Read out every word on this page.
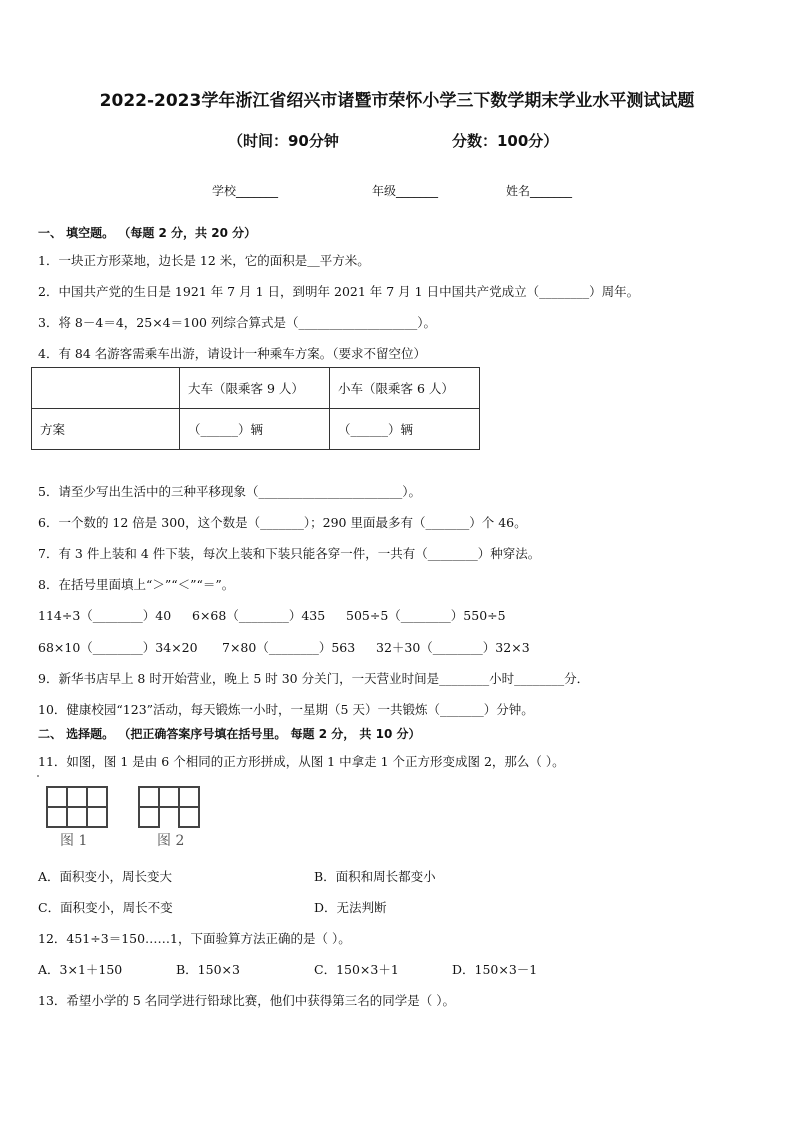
2022-2023学年浙江省绍兴市诸暨市荣怀小学三下数学期末学业水平测试试题
（时间：90分钟	分数：100分）
学校_______	年级_______	姓名_______
一、 填空题。 （每题 2 分，共 20 分）
1．一块正方形菜地，边长是 12 米，它的面积是＿平方米。
2．中国共产党的生日是 1921 年 7 月 1 日，到明年 2021 年 7 月 1 日中国共产党成立（________）周年。
3．将 8－4＝4，25×4＝100 列综合算式是（___________________）。
4．有 84 名游客需乘车出游，请设计一种乘车方案。（要求不留空位）
	大车（限乘客 9 人）	小车（限乘客 6 人）
方案	（______）辆	（______）辆
5．请至少写出生活中的三种平移现象（_______________________）。
6．一个数的 12 倍是 300，这个数是（_______）；290 里面最多有（_______）个 46。
7．有 3 件上装和 4 件下装，每次上装和下装只能各穿一件，一共有（________）种穿法。
8．在括号里面填上“＞”“＜”“＝”。
114÷3（________）40 6×68（________）435 505÷5（________）550÷5
68×10（________）34×20 7×80（________）563 32＋30（________）32×3
9．新华书店早上 8 时开始营业，晚上 5 时 30 分关门，一天营业时间是________小时________分．
10．健康校园“123”活动，每天锻炼一小时，一星期（5 天）一共锻炼（_______）分钟。
二、 选择题。 （把正确答案序号填在括号里。 每题 2 分， 共 10 分）
11．如图，图 1 是由 6 个相同的正方形拼成，从图 1 中拿走 1 个正方形变成图 2，那么（ ）。
图 1	图 2
A．面积变小，周长变大	B．面积和周长都变小
C．面积变小，周长不变	D．无法判断
12．451÷3＝150……1，下面验算方法正确的是（ ）。
A．3×1＋150	B．150×3	C．150×3＋1	D．150×3－1
13．希望小学的 5 名同学进行铅球比赛，他们中获得第三名的同学是（ ）。
